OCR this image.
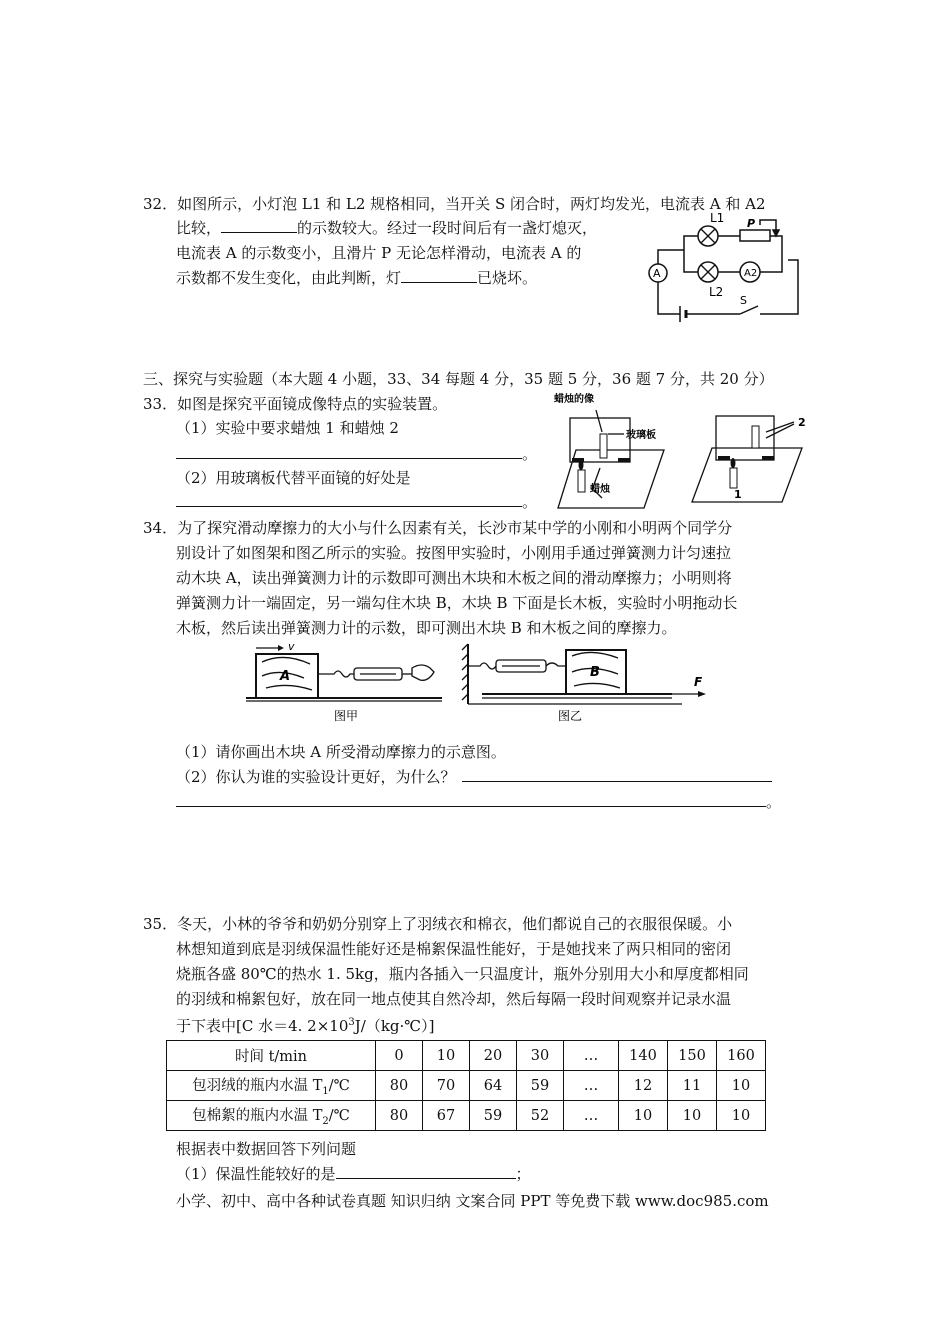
32．如图所示，小灯泡 L1 和 L2 规格相同，当开关 S 闭合时，两灯均发光，电流表 A 和 A2
比较，	的示数较大。经过一段时间后有一盏灯熄灭，
电流表 A 的示数变小，且滑片 P 无论怎样滑动，电流表 A 的
示数都不发生变化，由此判断，灯	已烧坏。
L1 P
L2
A2
A
S
三、探究与实验题（本大题 4 小题，33、34 每题 4 分，35 题 5 分，36 题 7 分，共 20 分）
33．如图是探究平面镜成像特点的实验装置。
（1）实验中要求蜡烛 1 和蜡烛 2
。
（2）用玻璃板代替平面镜的好处是
。
蜡烛的像
玻璃板
蜡烛
2
1
34．为了探究滑动摩擦力的大小与什么因素有关，长沙市某中学的小刚和小明两个同学分
别设计了如图架和图乙所示的实验。按图甲实验时，小刚用手通过弹簧测力计匀速拉
动木块 A，读出弹簧测力计的示数即可测出木块和木板之间的滑动摩擦力；小明则将
弹簧测力计一端固定，另一端勾住木块 B，木块 B 下面是长木板，实验时小明拖动长
木板，然后读出弹簧测力计的示数，即可测出木块 B 和木板之间的摩擦力。
v
A
图甲
F
B
图乙
（1）请你画出木块 A 所受滑动摩擦力的示意图。
（2）你认为谁的实验设计更好，为什么？
。
35．冬天，小林的爷爷和奶奶分别穿上了羽绒衣和棉衣，他们都说自己的衣服很保暖。小
林想知道到底是羽绒保温性能好还是棉絮保温性能好，于是她找来了两只相同的密闭
烧瓶各盛 80℃的热水 1. 5kg，瓶内各插入一只温度计，瓶外分别用大小和厚度都相同
的羽绒和棉絮包好，放在同一地点使其自然冷却，然后每隔一段时间观察并记录水温
于下表中[C 水＝4. $2\times 10^3J/(kg\cdot℃)$]
时间 t/min	0	10	20	30	…	140	150	160
包羽绒的瓶内水温 $T_1/℃$	80	70	64	59	…	12	11	10
包棉絮的瓶内水温 $T_2/℃$	80	67	59	52	…	10	10	10
根据表中数据回答下列问题
（1）保温性能较好的是	；
小学、初中、高中各种试卷真题 知识归纳 文案合同 PPT 等免费下载 www.doc985.com
